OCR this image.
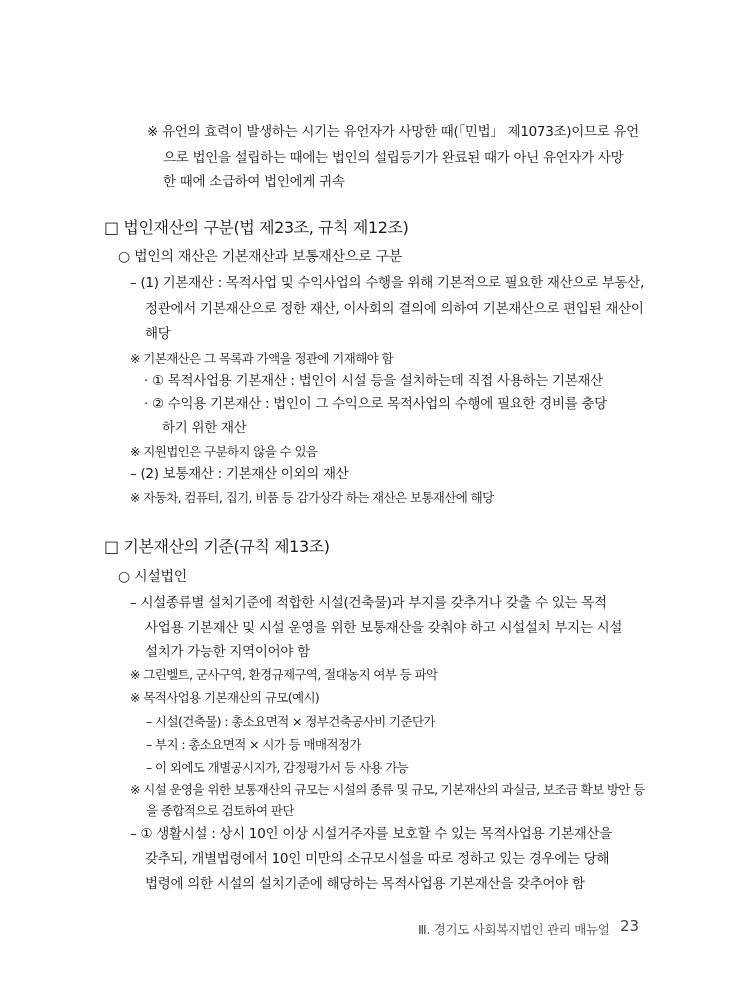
※ 유언의 효력이 발생하는 시기는 유언자가 사망한 때(「민법」 제1073조)이므로 유언
으로 법인을 설립하는 때에는 법인의 설립등기가 완료된 때가 아닌 유언자가 사망
한 때에 소급하여 법인에게 귀속
□ 법인재산의 구분(법 제23조, 규칙 제12조)
○ 법인의 재산은 기본재산과 보통재산으로 구분
– (1) 기본재산 : 목적사업 및 수익사업의 수행을 위해 기본적으로 필요한 재산으로 부동산,
정관에서 기본재산으로 정한 재산, 이사회의 결의에 의하여 기본재산으로 편입된 재산이
해당
※ 기본재산은 그 목록과 가액을 정관에 기재해야 함
· ① 목적사업용 기본재산 : 법인이 시설 등을 설치하는데 직접 사용하는 기본재산
· ② 수익용 기본재산 : 법인이 그 수익으로 목적사업의 수행에 필요한 경비를 충당
하기 위한 재산
※ 지원법인은 구분하지 않을 수 있음
– (2) 보통재산 : 기본재산 이외의 재산
※ 자동차, 컴퓨터, 집기, 비품 등 감가상각 하는 재산은 보통재산에 해당
□ 기본재산의 기준(규칙 제13조)
○ 시설법인
– 시설종류별 설치기준에 적합한 시설(건축물)과 부지를 갖추거나 갖출 수 있는 목적
사업용 기본재산 및 시설 운영을 위한 보통재산을 갖춰야 하고 시설설치 부지는 시설
설치가 가능한 지역이어야 함
※ 그린벨트, 군사구역, 환경규제구역, 절대농지 여부 등 파악
※ 목적사업용 기본재산의 규모(예시)
– 시설(건축물) : 총소요면적 × 정부건축공사비 기준단가
– 부지 : 총소요면적 × 시가 등 매매적정가
– 이 외에도 개별공시지가, 감정평가서 등 사용 가능
※ 시설 운영을 위한 보통재산의 규모는 시설의 종류 및 규모, 기본재산의 과실금, 보조금 확보 방안 등
을 종합적으로 검토하여 판단
– ① 생활시설 : 상시 10인 이상 시설거주자를 보호할 수 있는 목적사업용 기본재산을
갖추되, 개별법령에서 10인 미만의 소규모시설을 따로 정하고 있는 경우에는 당해
법령에 의한 시설의 설치기준에 해당하는 목적사업용 기본재산을 갖추어야 함
Ⅲ. 경기도 사회복지법인 관리 매뉴얼 23
